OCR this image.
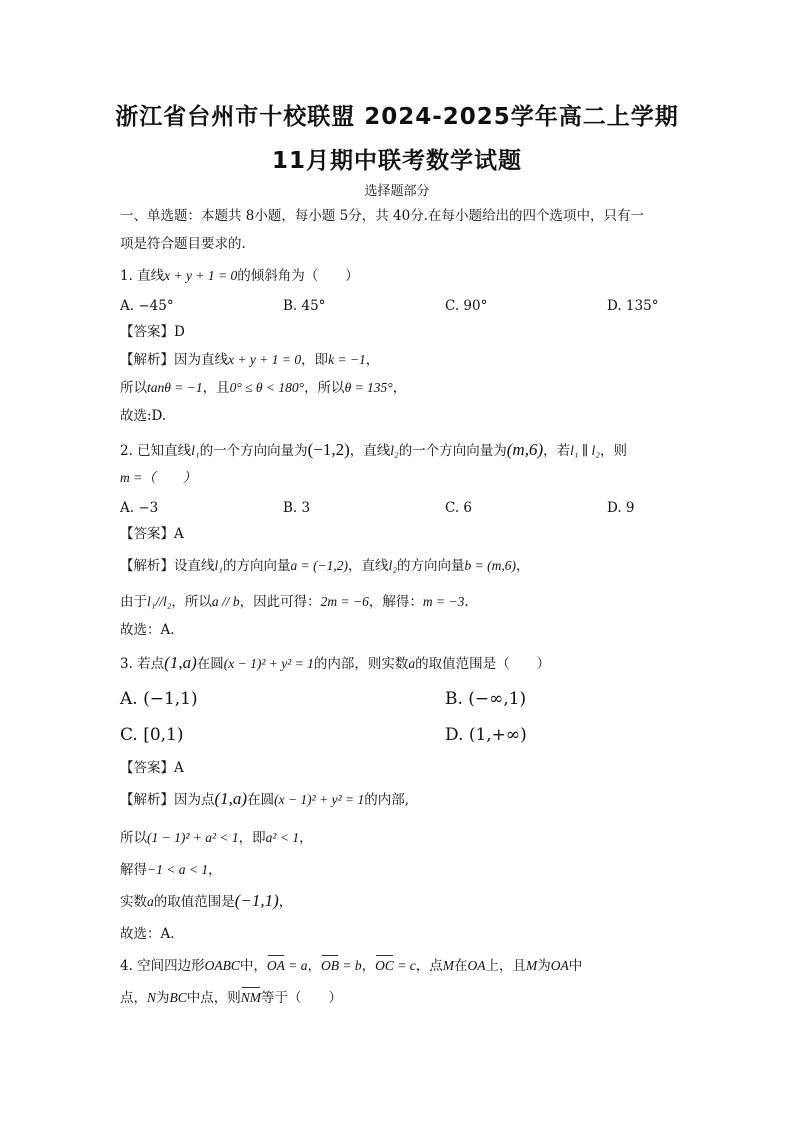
浙江省台州市十校联盟 2024-2025学年高二上学期
11月期中联考数学试题
选择题部分
一、单选题：本题共 8小题，每小题 5分，共 40分.在每小题给出的四个选项中，只有一
项是符合题目要求的.
1. 直线x + y + 1 = 0的倾斜角为（　　）
A. −45°	B. 45°	C. 90°	D. 135°
【答案】D
【解析】因为直线x + y + 1 = 0，即k = −1，
所以tanθ = −1，且0° ≤ θ < 180°，所以θ = 135°，
故选:D.
2. 已知直线l₁的一个方向向量为(−1,2)，直线l₂的一个方向向量为(m,6)，若l₁ ∥ l₂，则
m =（　　）
A. −3	B. 3	C. 6	D. 9
【答案】A
【解析】设直线l₁的方向向量a = (−1,2)，直线l₂的方向向量b = (m,6)，
由于l₁//l₂，所以a // b，因此可得：2m = −6，解得：m = −3.
故选：A.
3. 若点(1,a)在圆(x − 1)² + y² = 1的内部，则实数a的取值范围是（　　）
A. (−1,1)	B. (−∞,1)
C. [0,1)	D. (1,+∞)
【答案】A
【解析】因为点(1,a)在圆(x − 1)² + y² = 1的内部,
所以(1 − 1)² + a² < 1，即a² < 1，
解得−1 < a < 1，
实数a的取值范围是(−1,1)，
故选：A.
4. 空间四边形OABC中，OA = a，OB = b，OC = c，点M在OA上，且M为OA中
点，N为BC中点，则NM等于（　　）
